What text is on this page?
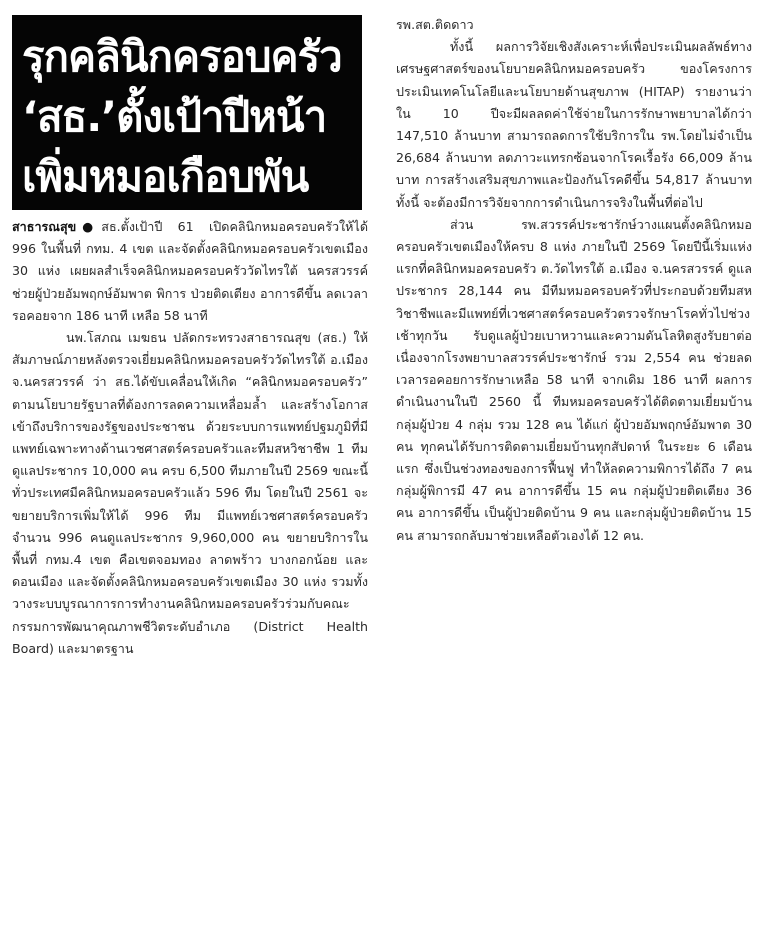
รุกคลินิกครอบครัว
‘สธ.’ตั้งเป้าปีหน้า
เพิ่มหมอเกือบพัน

สาธารณสุข ● สธ.ตั้งเป้าปี 61 เปิดคลินิกหมอครอบครัวให้ได้ 996 ในพื้นที่ กทม. 4 เขต และจัดตั้งคลินิกหมอครอบครัวเขตเมือง 30 แห่ง เผยผลสำเร็จคลินิกหมอครอบครัววัดไทรใต้ นครสวรรค์ ช่วยผู้ป่วยอัมพฤกษ์อัมพาต พิการ ป่วยติดเตียง อาการดีขึ้น ลดเวลารอคอยจาก 186 นาที เหลือ 58 นาที

นพ.โสภณ เมฆธน ปลัดกระทรวงสาธารณสุข (สธ.) ให้สัมภาษณ์ภายหลังตรวจเยี่ยมคลินิกหมอครอบครัววัดไทรใต้ อ.เมือง จ.นครสวรรค์ ว่า สธ.ได้ขับเคลื่อนให้เกิด “คลินิกหมอครอบครัว” ตามนโยบายรัฐบาลที่ต้องการลดความเหลื่อมล้ำ และสร้างโอกาสเข้าถึงบริการของรัฐของประชาชน ด้วยระบบการแพทย์ปฐมภูมิที่มีแพทย์เฉพาะทางด้านเวชศาสตร์ครอบครัวและทีมสหวิชาชีพ 1 ทีมดูแลประชากร 10,000 คน ครบ 6,500 ทีมภายในปี 2569 ขณะนี้ทั่วประเทศมีคลินิกหมอครอบครัวแล้ว 596 ทีม โดยในปี 2561 จะขยายบริการเพิ่มให้ได้ 996 ทีม มีแพทย์เวชศาสตร์ครอบครัวจำนวน 996 คนดูแลประชากร 9,960,000 คน ขยายบริการในพื้นที่ กทม.4 เขต คือเขตจอมทอง ลาดพร้าว บางกอกน้อย และดอนเมือง และจัดตั้งคลินิกหมอครอบครัวเขตเมือง 30 แห่ง รวมทั้งวางระบบบูรณาการการทำงานคลินิกหมอครอบครัวร่วมกับคณะกรรมการพัฒนาคุณภาพชีวิตระดับอำเภอ (District Health Board) และมาตรฐาน

รพ.สต.ติดดาว

ทั้งนี้ ผลการวิจัยเชิงสังเคราะห์เพื่อประเมินผลลัพธ์ทางเศรษฐศาสตร์ของนโยบายคลินิกหมอครอบครัว ของโครงการประเมินเทคโนโลยีและนโยบายด้านสุขภาพ (HITAP) รายงานว่า ใน 10 ปีจะมีผลลดค่าใช้จ่ายในการรักษาพยาบาลได้กว่า 147,510 ล้านบาท สามารถลดการใช้บริการใน รพ.โดยไม่จำเป็น 26,684 ล้านบาท ลดภาวะแทรกซ้อนจากโรคเรื้อรัง 66,009 ล้านบาท การสร้างเสริมสุขภาพและป้องกันโรคดีขึ้น 54,817 ล้านบาท ทั้งนี้ จะต้องมีการวิจัยจากการดำเนินการจริงในพื้นที่ต่อไป

ส่วน รพ.สวรรค์ประชารักษ์วางแผนตั้งคลินิกหมอครอบครัวเขตเมืองให้ครบ 8 แห่ง ภายในปี 2569 โดยปีนี้เริ่มแห่งแรกที่คลินิกหมอครอบครัว ต.วัดไทรใต้ อ.เมือง จ.นครสวรรค์ ดูแลประชากร 28,144 คน มีทีมหมอครอบครัวที่ประกอบด้วยทีมสหวิชาชีพและมีแพทย์ที่เวชศาสตร์ครอบครัวตรวจรักษาโรคทั่วไปช่วงเช้าทุกวัน รับดูแลผู้ป่วยเบาหวานและความดันโลหิตสูงรับยาต่อเนื่องจากโรงพยาบาลสวรรค์ประชารักษ์ รวม 2,554 คน ช่วยลดเวลารอคอยการรักษาเหลือ 58 นาที จากเดิม 186 นาที ผลการดำเนินงานในปี 2560 นี้ ทีมหมอครอบครัวได้ติดตามเยี่ยมบ้านกลุ่มผู้ป่วย 4 กลุ่ม รวม 128 คน ได้แก่ ผู้ป่วยอัมพฤกษ์อัมพาต 30 คน ทุกคนได้รับการติดตามเยี่ยมบ้านทุกสัปดาห์ ในระยะ 6 เดือนแรก ซึ่งเป็นช่วงทองของการฟื้นฟู ทำให้ลดความพิการได้ถึง 7 คน กลุ่มผู้พิการมี 47 คน อาการดีขึ้น 15 คน กลุ่มผู้ป่วยติดเตียง 36 คน อาการดีขึ้น เป็นผู้ป่วยติดบ้าน 9 คน และกลุ่มผู้ป่วยติดบ้าน 15 คน สามารถกลับมาช่วยเหลือตัวเองได้ 12 คน.
